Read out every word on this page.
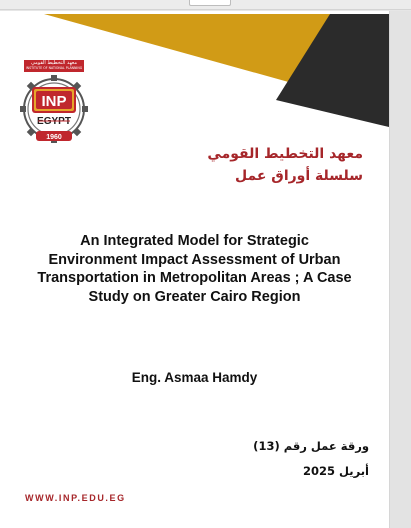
INP
EGYPT
1960
معهد التخطيط القومي
INSTITUTE OF NATIONAL PLANNING
معهد التخطيط القومي
سلسلة أوراق عمل
An Integrated Model for Strategic
Environment Impact Assessment of Urban
Transportation in Metropolitan Areas ; A Case
Study on Greater Cairo Region
Eng. Asmaa Hamdy
ورقة عمل رقم (13)
أبريل 2025
WWW.INP.EDU.EG
